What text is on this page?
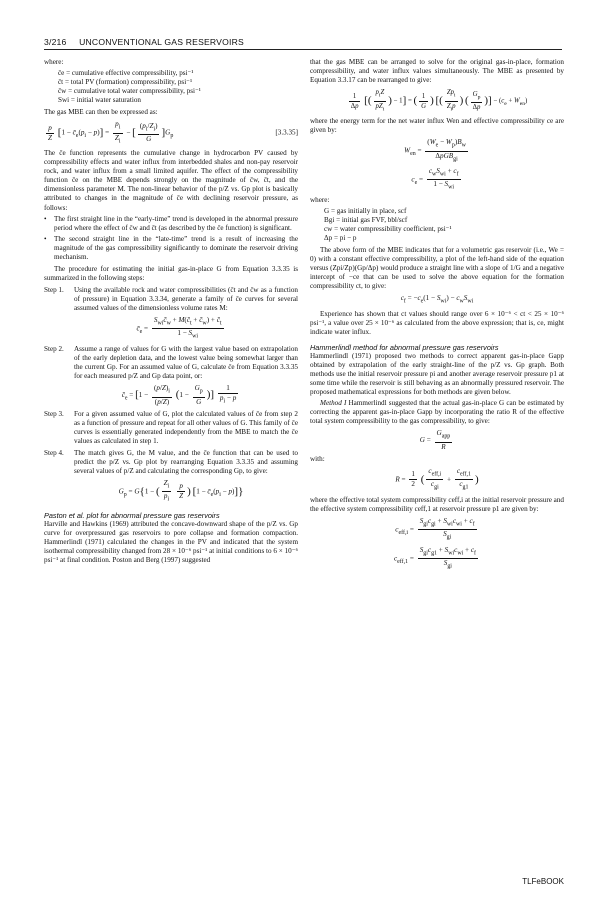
3/216 UNCONVENTIONAL GAS RESERVOIRS

where:

c̄e = cumulative effective compressibility, psi⁻¹
c̄t = total PV (formation) compressibility, psi⁻¹
c̄w = cumulative total water compressibility, psi⁻¹
Swi = initial water saturation

The gas MBE can then be expressed as:

$\frac{p}{Z} [1$ − $c̄_e(p_i - p)] = \frac{p_i}{Z_i}$ − [ $\frac{(p_i/Z_i)}{G} ]G_p$	[3.3.35]

The c̄e function represents the cumulative change in hydrocarbon PV caused by compressibility effects and water influx from interbedded shales and non-pay reservoir rock, and water influx from a small limited aquifer. The effect of the compressibility function c̄e on the MBE depends strongly on the magnitude of c̄w, c̄t, and the dimensionless parameter M. The non-linear behavior of the p/Z vs. Gp plot is basically attributed to changes in the magnitude of c̄e with declining reservoir pressure, as follows:

• The first straight line in the “early-time” trend is developed in the abnormal pressure period where the effect of c̄w and c̄t (as described by the c̄e function) is significant.
• The second straight line in the “late-time” trend is a result of increasing the magnitude of the gas compressibility significantly to dominate the reservoir driving mechanism.

The procedure for estimating the initial gas-in-place G from Equation 3.3.35 is summarized in the following steps:

Step 1. Using the available rock and water compressibilities (c̄t and c̄w as a function of pressure) in Equation 3.3.34, generate a family of c̄e curves for several assumed values of the dimensionless volume rates M:
$c̄_e = \frac{S_{wi}c̄_w + M(c̄_t + c̄_w) + c̄_t}{1 - S_{wi}}$
Step 2. Assume a range of values for G with the largest value based on extrapolation of the early depletion data, and the lowest value being somewhat larger than the current Gp. For an assumed value of G, calculate c̄e from Equation 3.3.35 for each measured p/Z and Gp data point, or:
$c̄_e = [1 - \frac{(p/Z)_i}{(p/Z)} (1 - \frac{G_p}{G}$ )] $\frac{1}{p_i - p}$
Step 3. For a given assumed value of G, plot the calculated values of c̄e from step 2 as a function of pressure and repeat for all other values of G. This family of c̄e curves is essentially generated independently from the MBE to match the c̄e values as calculated in step 1.
Step 4. The match gives G, the M value, and the c̄e function that can be used to predict the p/Z vs. Gp plot by rearranging Equation 3.3.35 and assuming several values of p/Z and calculating the corresponding Gp, to give:
$G_p = G\{1$ − ( $\frac{Z_i}{p_i}$
$\frac{p}{Z}$ ) $[1 - c̄_e(p_i - p)]$}
Paston et al. plot for abnormal pressure gas reservoirs

Harville and Hawkins (1969) attributed the concave-downward shape of the p/Z vs. Gp curve for overpressured gas reservoirs to pore collapse and formation compaction. Hammerlindl (1971) calculated the changes in the PV and indicated that the system isothermal compressibility changed from 28 × 10⁻⁶ psi⁻¹ at initial conditions to 6 × 10⁻⁶ psi⁻¹ at final condition. Poston and Berg (1997) suggested

that the gas MBE can be arranged to solve for the original gas-in-place, formation compressibility, and water influx values simultaneously. The MBE as presented by Equation 3.3.17 can be rearranged to give:

$\frac{1}{\Delta p}$ [( $\frac{p_iZ}{pZ_i}$ ) − 1] = ( $\frac{1}{G}$ ) [( $\frac{Zp_i}{Z_ip}$ ) ( $\frac{G_p}{\Delta p}$ )] − $(c_e + W_{en})$

where the energy term for the net water influx Wen and effective compressibility ce are given by:

$W_{en} = \frac{(W_e - W_p)B_w}{\Delta pGB_{gi}}$
$c_e = \frac{c_wS_{wi} + c_f}{1 - S_{wi}}$

where:

G = gas initially in place, scf
Bgi = initial gas FVF, bbl/scf
cw = water compressibility coefficient, psi⁻¹
Δp = pi − p

The above form of the MBE indicates that for a volumetric gas reservoir (i.e., We = 0) with a constant effective compressibility, a plot of the left-hand side of the equation versus (Zpi/Zp)(Gp/Δp) would produce a straight line with a slope of 1/G and a negative intercept of −ce that can be used to solve the above equation for the formation compressibility ct, to give:

$c_f = -c_e(1 - S_{wi}) - c_wS_{wi}$

Experience has shown that ct values should range over 6 × 10⁻⁶ < ct < 25 × 10⁻⁶ psi⁻¹, a value over 25 × 10⁻⁶ as calculated from the above expression; that is, ce, might indicate water influx.

Hammerlindl method for abnormal pressure gas reservoirs

Hammerlindl (1971) proposed two methods to correct apparent gas-in-place Gapp obtained by extrapolation of the early straight-line of the p/Z vs. Gp graph. Both methods use the initial reservoir pressure pi and another average reservoir pressure p1 at some time while the reservoir is still behaving as an abnormally pressured reservoir. The proposed mathematical expressions for both methods are given below.

Method I Hammerlindl suggested that the actual gas-in-place G can be estimated by correcting the apparent gas-in-place Gapp by incorporating the ratio R of the effective total system compressibility to the gas compressibility, to give:

$G = \frac{G_{app}}{R}$

with:

$R = \frac{1}{2}$ ( $\frac{c_{eff,i}}{c_{gi}} + \frac{c_{eff,1}}{c_{g1}}$ )

where the effective total system compressibility ceff,i at the initial reservoir pressure and the effective system compressibility ceff,1 at reservoir pressure p1 are given by:

$c_{eff,i} = \frac{S_{gi}c_{gi} + S_{wi}c_{wi} + c_f}{S_{gi}}$
$c_{eff,1} = \frac{S_{gi}c_{g1} + S_{wi}c_{wi} + c_f}{S_{gi}}$
TLFeBOOK
